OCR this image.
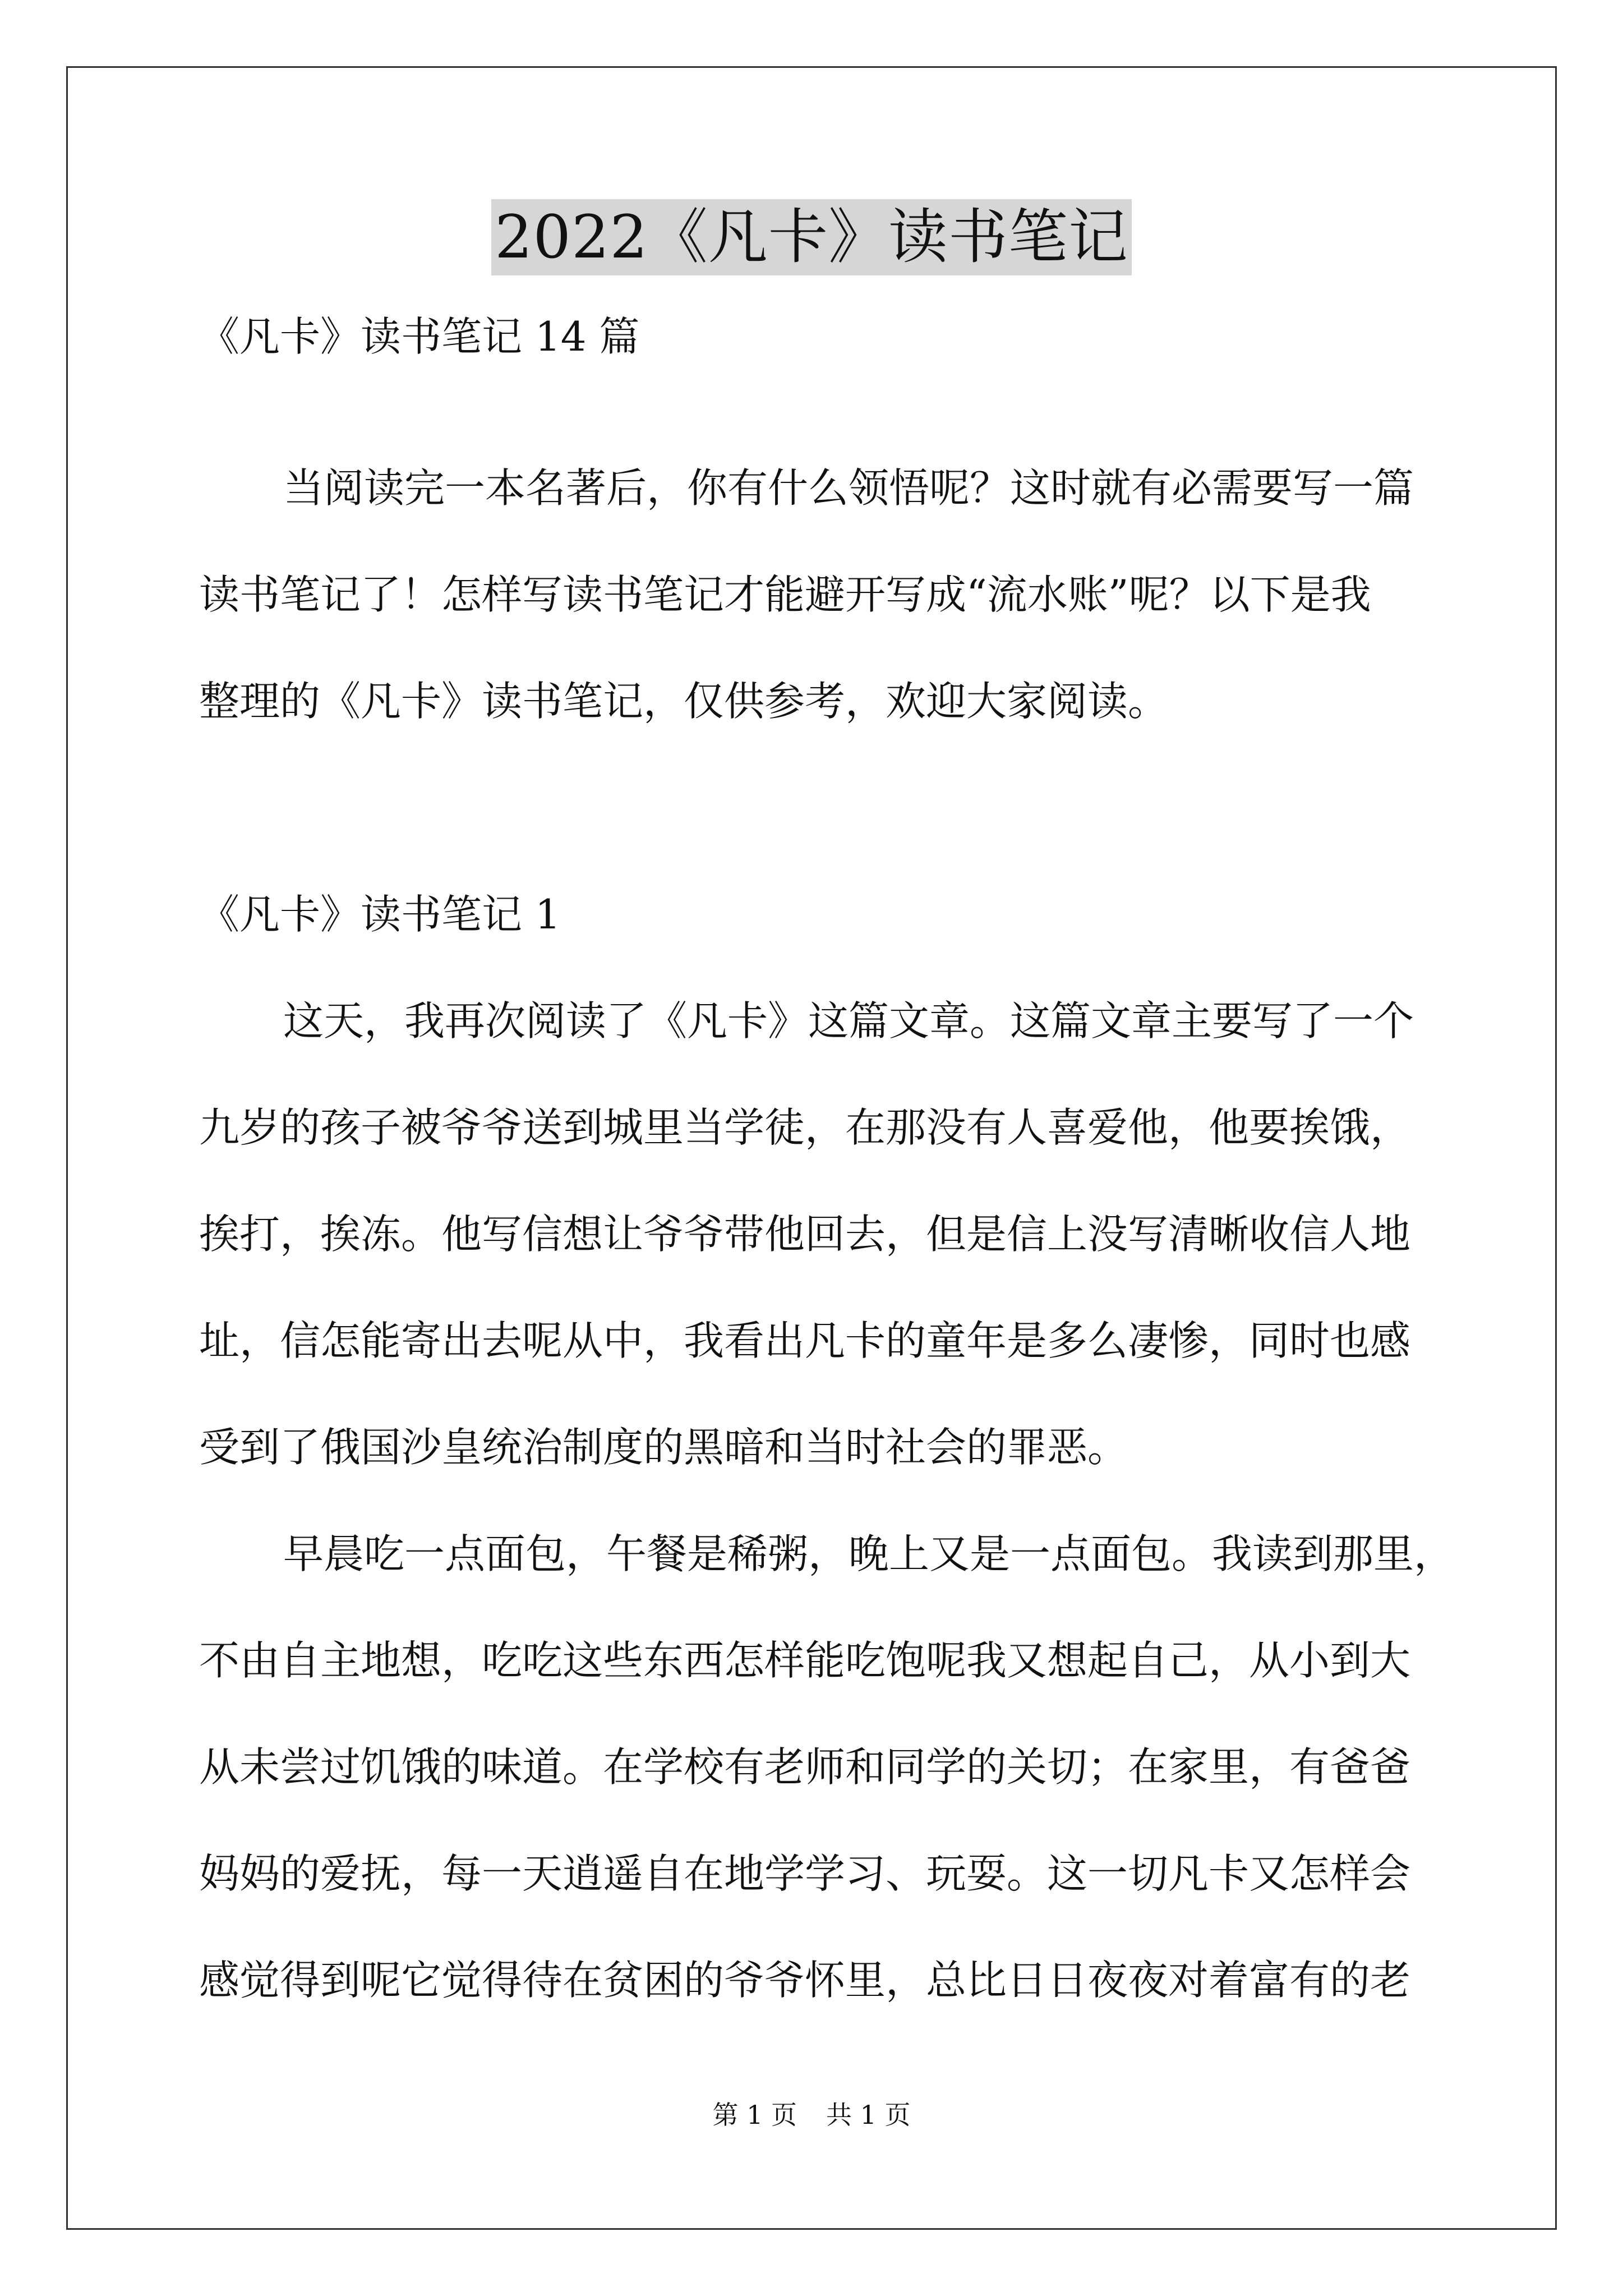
2022《凡卡》读书笔记
《凡卡》读书笔记 14 篇
当阅读完一本名著后，你有什么领悟呢？这时就有必需要写一篇
读书笔记了！怎样写读书笔记才能避开写成“流水账”呢？以下是我
整理的《凡卡》读书笔记，仅供参考，欢迎大家阅读。
《凡卡》读书笔记 1
这天，我再次阅读了《凡卡》这篇文章。这篇文章主要写了一个
九岁的孩子被爷爷送到城里当学徒，在那没有人喜爱他，他要挨饿，
挨打，挨冻。他写信想让爷爷带他回去，但是信上没写清晰收信人地
址，信怎能寄出去呢从中，我看出凡卡的童年是多么凄惨，同时也感
受到了俄国沙皇统治制度的黑暗和当时社会的罪恶。
早晨吃一点面包，午餐是稀粥，晚上又是一点面包。我读到那里，
不由自主地想，吃吃这些东西怎样能吃饱呢我又想起自己，从小到大
从未尝过饥饿的味道。在学校有老师和同学的关切；在家里，有爸爸
妈妈的爱抚，每一天逍遥自在地学学习、玩耍。这一切凡卡又怎样会
感觉得到呢它觉得待在贫困的爷爷怀里，总比日日夜夜对着富有的老
第 1 页 共 1 页
